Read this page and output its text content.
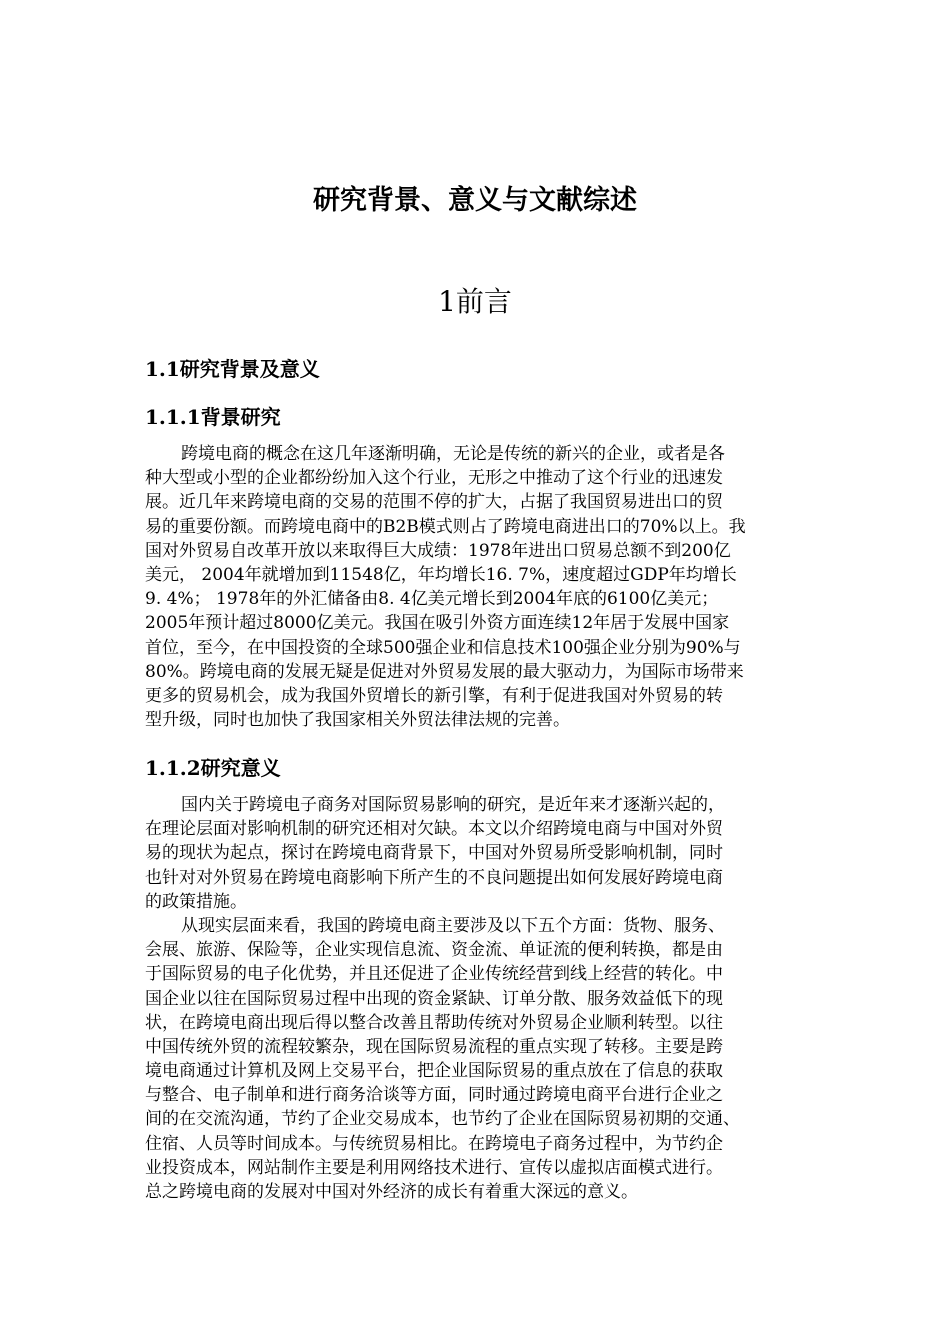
研究背景、意义与文献综述
1前言
1.1研究背景及意义
1.1.1背景研究
跨境电商的概念在这几年逐渐明确，无论是传统的新兴的企业，或者是各
种大型或小型的企业都纷纷加入这个行业，无形之中推动了这个行业的迅速发
展。近几年来跨境电商的交易的范围不停的扩大，占据了我国贸易进出口的贸
易的重要份额。而跨境电商中的B2B模式则占了跨境电商进出口的70%以上。我
国对外贸易自改革开放以来取得巨大成绩：1978年进出口贸易总额不到200亿
美元， 2004年就增加到11548亿，年均增长16. 7%，速度超过GDP年均增长
9. 4%； 1978年的外汇储备由8. 4亿美元增长到2004年底的6100亿美元；
2005年预计超过8000亿美元。我国在吸引外资方面连续12年居于发展中国家
首位，至今，在中国投资的全球500强企业和信息技术100强企业分别为90%与
80%。跨境电商的发展无疑是促进对外贸易发展的最大驱动力，为国际市场带来
更多的贸易机会，成为我国外贸增长的新引擎，有利于促进我国对外贸易的转
型升级，同时也加快了我国家相关外贸法律法规的完善。
1.1.2研究意义
国内关于跨境电子商务对国际贸易影响的研究，是近年来才逐渐兴起的，
在理论层面对影响机制的研究还相对欠缺。本文以介绍跨境电商与中国对外贸
易的现状为起点，探讨在跨境电商背景下，中国对外贸易所受影响机制，同时
也针对对外贸易在跨境电商影响下所产生的不良问题提出如何发展好跨境电商
的政策措施。
从现实层面来看，我国的跨境电商主要涉及以下五个方面：货物、服务、
会展、旅游、保险等，企业实现信息流、资金流、单证流的便利转换，都是由
于国际贸易的电子化优势，并且还促进了企业传统经营到线上经营的转化。中
国企业以往在国际贸易过程中出现的资金紧缺、订单分散、服务效益低下的现
状，在跨境电商出现后得以整合改善且帮助传统对外贸易企业顺利转型。以往
中国传统外贸的流程较繁杂，现在国际贸易流程的重点实现了转移。主要是跨
境电商通过计算机及网上交易平台，把企业国际贸易的重点放在了信息的获取
与整合、电子制单和进行商务洽谈等方面，同时通过跨境电商平台进行企业之
间的在交流沟通，节约了企业交易成本，也节约了企业在国际贸易初期的交通、
住宿、人员等时间成本。与传统贸易相比。在跨境电子商务过程中，为节约企
业投资成本，网站制作主要是利用网络技术进行、宣传以虚拟店面模式进行。
总之跨境电商的发展对中国对外经济的成长有着重大深远的意义。
